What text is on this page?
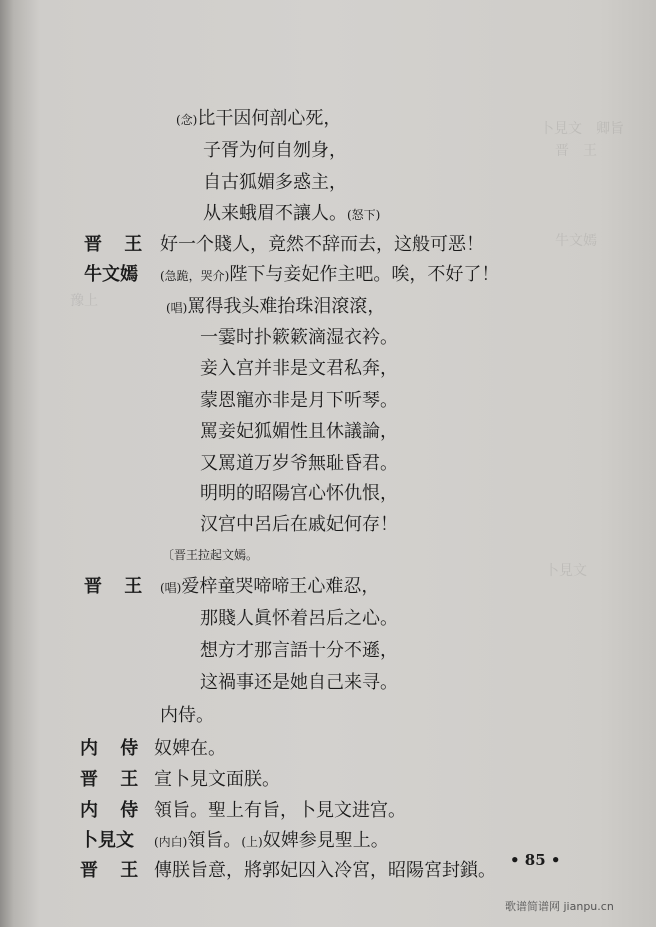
卜見文　卿旨
晋　王
牛文嫣
豫上
卜見文
(念)比干因何剖心死，
子胥为何自刎身，
自古狐媚多惑主，
从来蛾眉不讓人。(怒下)
晋 王 好一个賤人，竟然不辞而去，这般可恶！
牛文嫣 (急跪，哭介)陛下与妾妃作主吧。唉，不好了！
(唱)罵得我头难抬珠泪滾滾，
一霎时扑簌簌滴湿衣衿。
妾入宫并非是文君私奔，
蒙恩寵亦非是月下听琴。
罵妾妃狐媚性且休議論，
又罵道万岁爷無耻昏君。
明明的昭陽宫心怀仇恨，
汉宫中呂后在戚妃何存！
〔晋王拉起文嫣。
晋 王 (唱)爱梓童哭啼啼王心难忍，
那賤人眞怀着呂后之心。
想方才那言語十分不遜，
这禍事还是她自己来寻。
内侍。
内 侍 奴婢在。
晋 王 宣卜見文面朕。
内 侍 領旨。聖上有旨，卜見文进宫。
卜見文 (内白)領旨。(上)奴婢参見聖上。
晋 王 傳朕旨意，將郭妃囚入冷宮，昭陽宮封鎖。 • 85 •
歌谱简谱网 jianpu.cn
